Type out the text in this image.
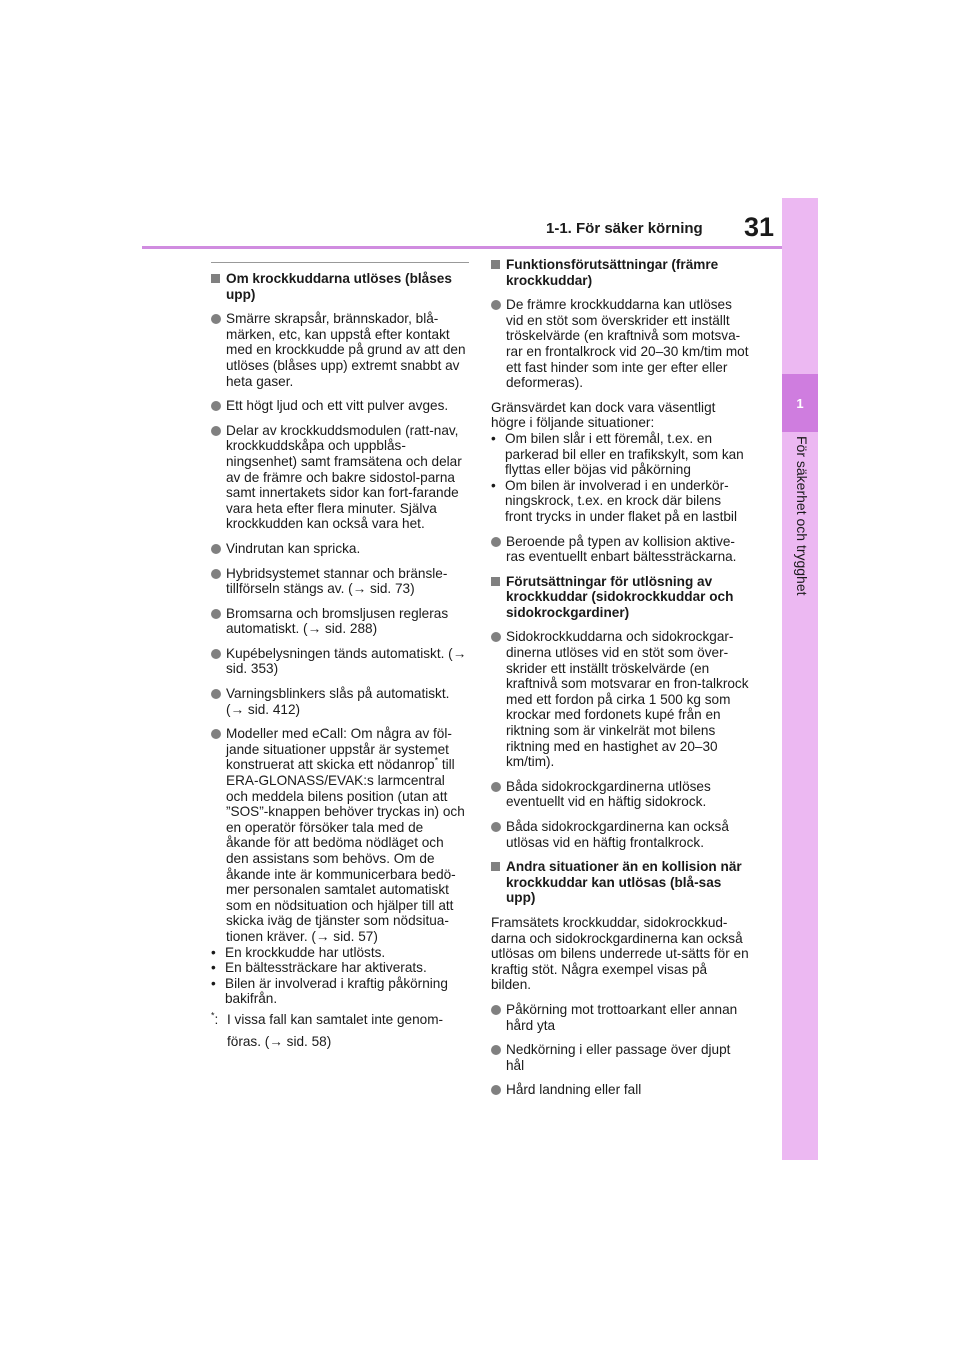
1-1. För säker körning 31
1
För säkerhet och trygghet
Om krockkuddarna utlöses (blåses upp)
Smärre skrapsår, brännskador, blå-märken, etc, kan uppstå efter kontakt med en krockkudde på grund av att den utlöses (blåses upp) extremt snabbt av heta gaser.
Ett högt ljud och ett vitt pulver avges.
Delar av krockkuddsmodulen (ratt-nav, krockkuddskåpa och uppblås-ningsenhet) samt framsätena och delar av de främre och bakre sidostol-parna samt innertakets sidor kan fort-farande vara heta efter flera minuter. Själva krockkudden kan också vara het.
Vindrutan kan spricka.
Hybridsystemet stannar och bränsle-tillförseln stängs av. (→ sid. 73)
Bromsarna och bromsljusen regleras automatiskt. (→ sid. 288)
Kupébelysningen tänds automatiskt. (→ sid. 353)
Varningsblinkers slås på automatiskt. (→ sid. 412)
Modeller med eCall: Om några av föl-jande situationer uppstår är systemet konstruerat att skicka ett nödanrop* till ERA-GLONASS/EVAK:s larmcentral och meddela bilens position (utan att ”SOS”-knappen behöver tryckas in) och en operatör försöker tala med de åkande för att bedöma nödläget och den assistans som behövs. Om de åkande inte är kommunicerbara bedö-mer personalen samtalet automatiskt som en nödsituation och hjälper till att skicka iväg de tjänster som nödsitua-tionen kräver. (→ sid. 57)
• En krockkudde har utlösts.
• En bältessträckare har aktiverats.
• Bilen är involverad i kraftig påkörning bakifrån.
*: I vissa fall kan samtalet inte genom-föras. (→ sid. 58)
Funktionsförutsättningar (främre krockkuddar)
De främre krockkuddarna kan utlöses vid en stöt som överskrider ett inställt tröskelvärde (en kraftnivå som motsva-rar en frontalkrock vid 20–30 km/tim mot ett fast hinder som inte ger efter eller deformeras).
Gränsvärdet kan dock vara väsentligt högre i följande situationer:
• Om bilen slår i ett föremål, t.ex. en parkerad bil eller en trafikskylt, som kan flyttas eller böjas vid påkörning
• Om bilen är involverad i en underkör-ningskrock, t.ex. en krock där bilens front trycks in under flaket på en lastbil
Beroende på typen av kollision aktive-ras eventuellt enbart bältessträckarna.
Förutsättningar för utlösning av krockkuddar (sidokrockkuddar och sidokrockgardiner)
Sidokrockkuddarna och sidokrockgar-dinerna utlöses vid en stöt som över-skrider ett inställt tröskelvärde (en kraftnivå som motsvarar en fron-talkrock med ett fordon på cirka 1 500 kg som krockar med fordonets kupé från en riktning som är vinkelrät mot bilens riktning med en hastighet av 20–30 km/tim).
Båda sidokrockgardinerna utlöses eventuellt vid en häftig sidokrock.
Båda sidokrockgardinerna kan också utlösas vid en häftig frontalkrock.
Andra situationer än en kollision när krockkuddar kan utlösas (blå-sas upp)
Framsätets krockkuddar, sidokrockkud-darna och sidokrockgardinerna kan också utlösas om bilens underrede ut-sätts för en kraftig stöt. Några exempel visas på bilden.
Påkörning mot trottoarkant eller annan hård yta
Nedkörning i eller passage över djupt hål
Hård landning eller fall
